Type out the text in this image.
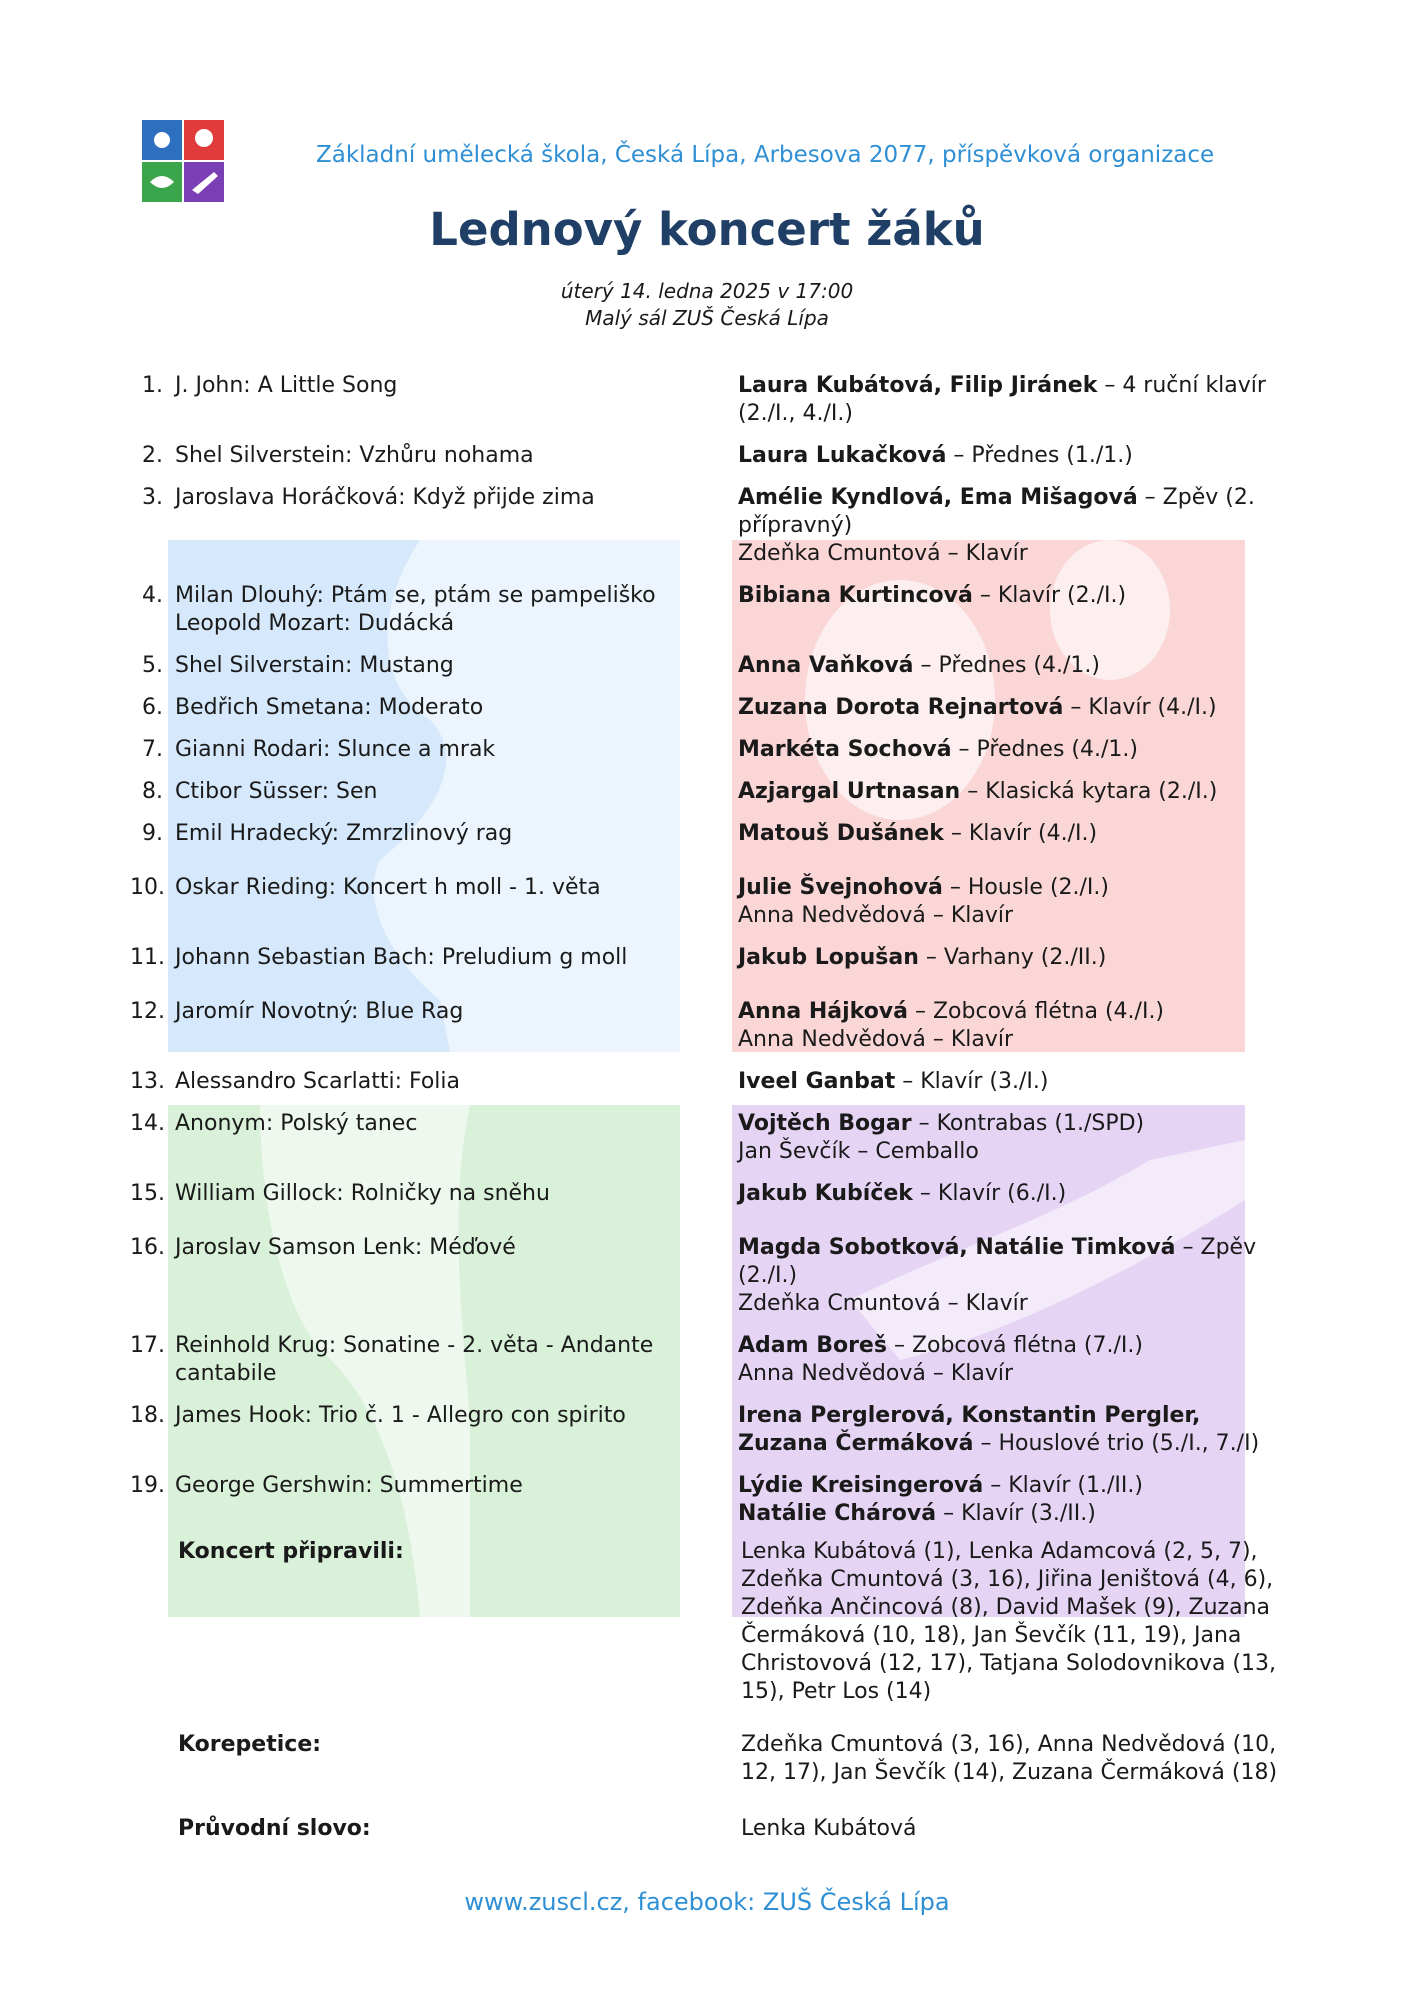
Základní umělecká škola, Česká Lípa, Arbesova 2077, příspěvková organizace
Lednový koncert žáků
úterý 14. ledna 2025 v 17:00
Malý sál ZUŠ Česká Lípa
1. J. John: A Little Song	Laura Kubátová, Filip Jiránek – 4 ruční klavír (2./I., 4./I.)
2. Shel Silverstein: Vzhůru nohama	Laura Lukačková – Přednes (1./1.)
3. Jaroslava Horáčková: Když přijde zima	Amélie Kyndlová, Ema Mišagová – Zpěv (2. přípravný)
Zdeňka Cmuntová – Klavír
4. Milan Dlouhý: Ptám se, ptám se pampeliško
Leopold Mozart: Dudácká
Bibiana Kurtincová – Klavír (2./I.)
5. Shel Silverstain: Mustang	Anna Vaňková – Přednes (4./1.)
6. Bedřich Smetana: Moderato	Zuzana Dorota Rejnartová – Klavír (4./I.)
7. Gianni Rodari: Slunce a mrak	Markéta Sochová – Přednes (4./1.)
8. Ctibor Süsser: Sen	Azjargal Urtnasan – Klasická kytara (2./I.)
9. Emil Hradecký: Zmrzlinový rag	Matouš Dušánek – Klavír (4./I.)
10. Oskar Rieding: Koncert h moll - 1. věta	Julie Švejnohová – Housle (2./I.)
Anna Nedvědová – Klavír
11. Johann Sebastian Bach: Preludium g moll	Jakub Lopušan – Varhany (2./II.)
12. Jaromír Novotný: Blue Rag	Anna Hájková – Zobcová flétna (4./I.)
Anna Nedvědová – Klavír
13. Alessandro Scarlatti: Folia	Iveel Ganbat – Klavír (3./I.)
14. Anonym: Polský tanec	Vojtěch Bogar – Kontrabas (1./SPD)
Jan Ševčík – Cemballo
15. William Gillock: Rolničky na sněhu	Jakub Kubíček – Klavír (6./I.)
16. Jaroslav Samson Lenk: Méďové	Magda Sobotková, Natálie Timková – Zpěv (2./I.)
Zdeňka Cmuntová – Klavír
17. Reinhold Krug: Sonatine - 2. věta - Andante cantabile
Adam Boreš – Zobcová flétna (7./I.)
Anna Nedvědová – Klavír
18. James Hook: Trio č. 1 - Allegro con spirito	Irena Perglerová, Konstantin Pergler, Zuzana Čermáková – Houslové trio (5./I., 7./I)
19. George Gershwin: Summertime	Lýdie Kreisingerová – Klavír (1./II.)
Natálie Chárová – Klavír (3./II.)
Koncert připravili:	Lenka Kubátová (1), Lenka Adamcová (2, 5, 7), Zdeňka Cmuntová (3, 16), Jiřina Jeništová (4, 6), Zdeňka Ančincová (8), David Mašek (9), Zuzana Čermáková (10, 18), Jan Ševčík (11, 19), Jana Christovová (12, 17), Tatjana Solodovnikova (13, 15), Petr Los (14)
Korepetice:	Zdeňka Cmuntová (3, 16), Anna Nedvědová (10, 12, 17), Jan Ševčík (14), Zuzana Čermáková (18)
Průvodní slovo:	Lenka Kubátová
www.zuscl.cz, facebook: ZUŠ Česká Lípa
